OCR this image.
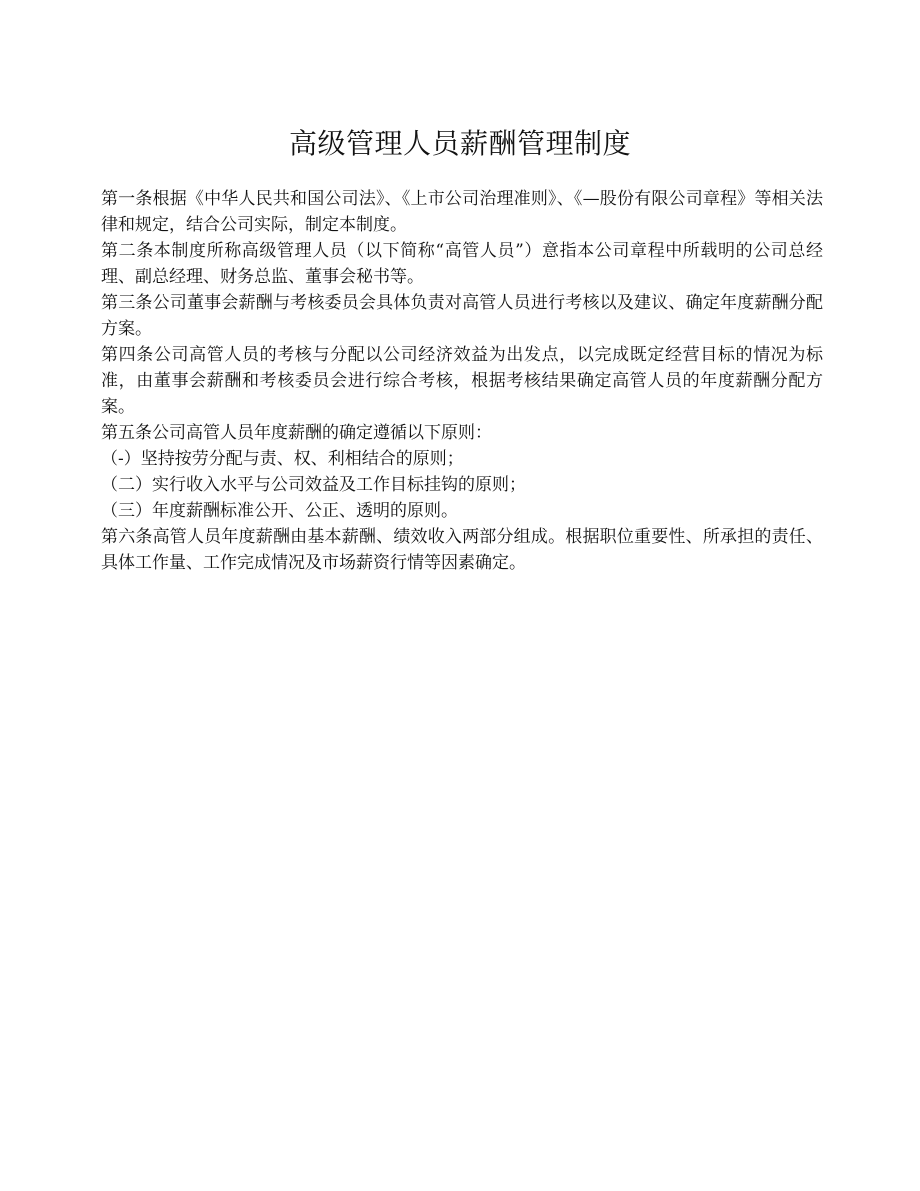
高级管理人员薪酬管理制度

第一条根据《中华人民共和国公司法》、《上市公司治理准则》、《—股份有限公司章程》等相关法律和规定，结合公司实际，制定本制度。

第二条本制度所称高级管理人员（以下简称“高管人员”）意指本公司章程中所载明的公司总经理、副总经理、财务总监、董事会秘书等。

第三条公司董事会薪酬与考核委员会具体负责对高管人员进行考核以及建议、确定年度薪酬分配方案。

第四条公司高管人员的考核与分配以公司经济效益为出发点，以完成既定经营目标的情况为标准，由董事会薪酬和考核委员会进行综合考核，根据考核结果确定高管人员的年度薪酬分配方案。

第五条公司高管人员年度薪酬的确定遵循以下原则：

（-）坚持按劳分配与责、权、利相结合的原则；

（二）实行收入水平与公司效益及工作目标挂钩的原则；

（三）年度薪酬标准公开、公正、透明的原则。

第六条高管人员年度薪酬由基本薪酬、绩效收入两部分组成。根据职位重要性、所承担的责任、具体工作量、工作完成情况及市场薪资行情等因素确定。
